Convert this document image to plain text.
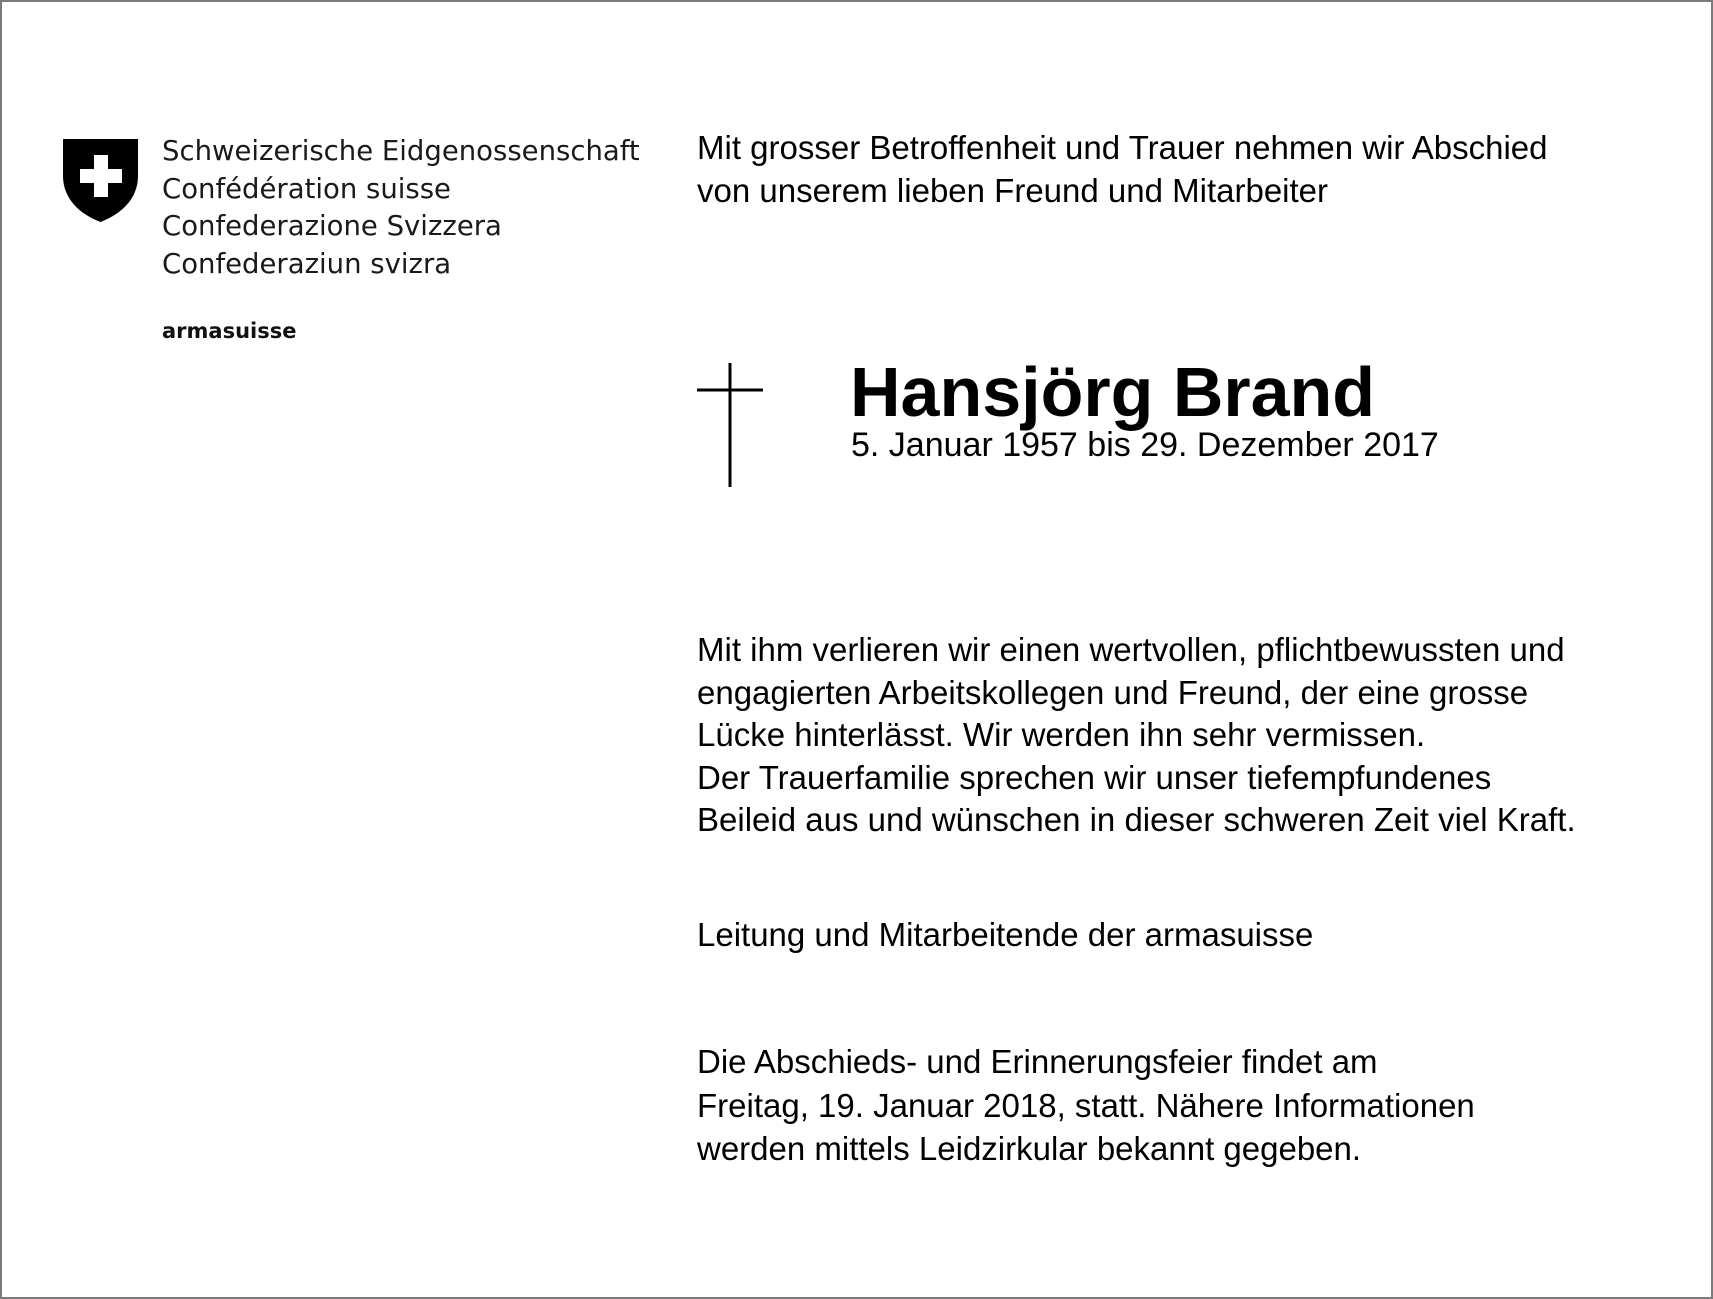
Schweizerische Eidgenossenschaft
Confédération suisse
Confederazione Svizzera
Confederaziun svizra
armasuisse
Mit grosser Betroffenheit und Trauer nehmen wir Abschied
von unserem lieben Freund und Mitarbeiter
Hansjörg Brand
5. Januar 1957 bis 29. Dezember 2017
Mit ihm verlieren wir einen wertvollen, pflichtbewussten und
engagierten Arbeitskollegen und Freund, der eine grosse
Lücke hinterlässt. Wir werden ihn sehr vermissen.
Der Trauerfamilie sprechen wir unser tiefempfundenes
Beileid aus und wünschen in dieser schweren Zeit viel Kraft.
Leitung und Mitarbeitende der armasuisse
Die Abschieds- und Erinnerungsfeier findet am
Freitag, 19. Januar 2018, statt. Nähere Informationen
werden mittels Leidzirkular bekannt gegeben.
